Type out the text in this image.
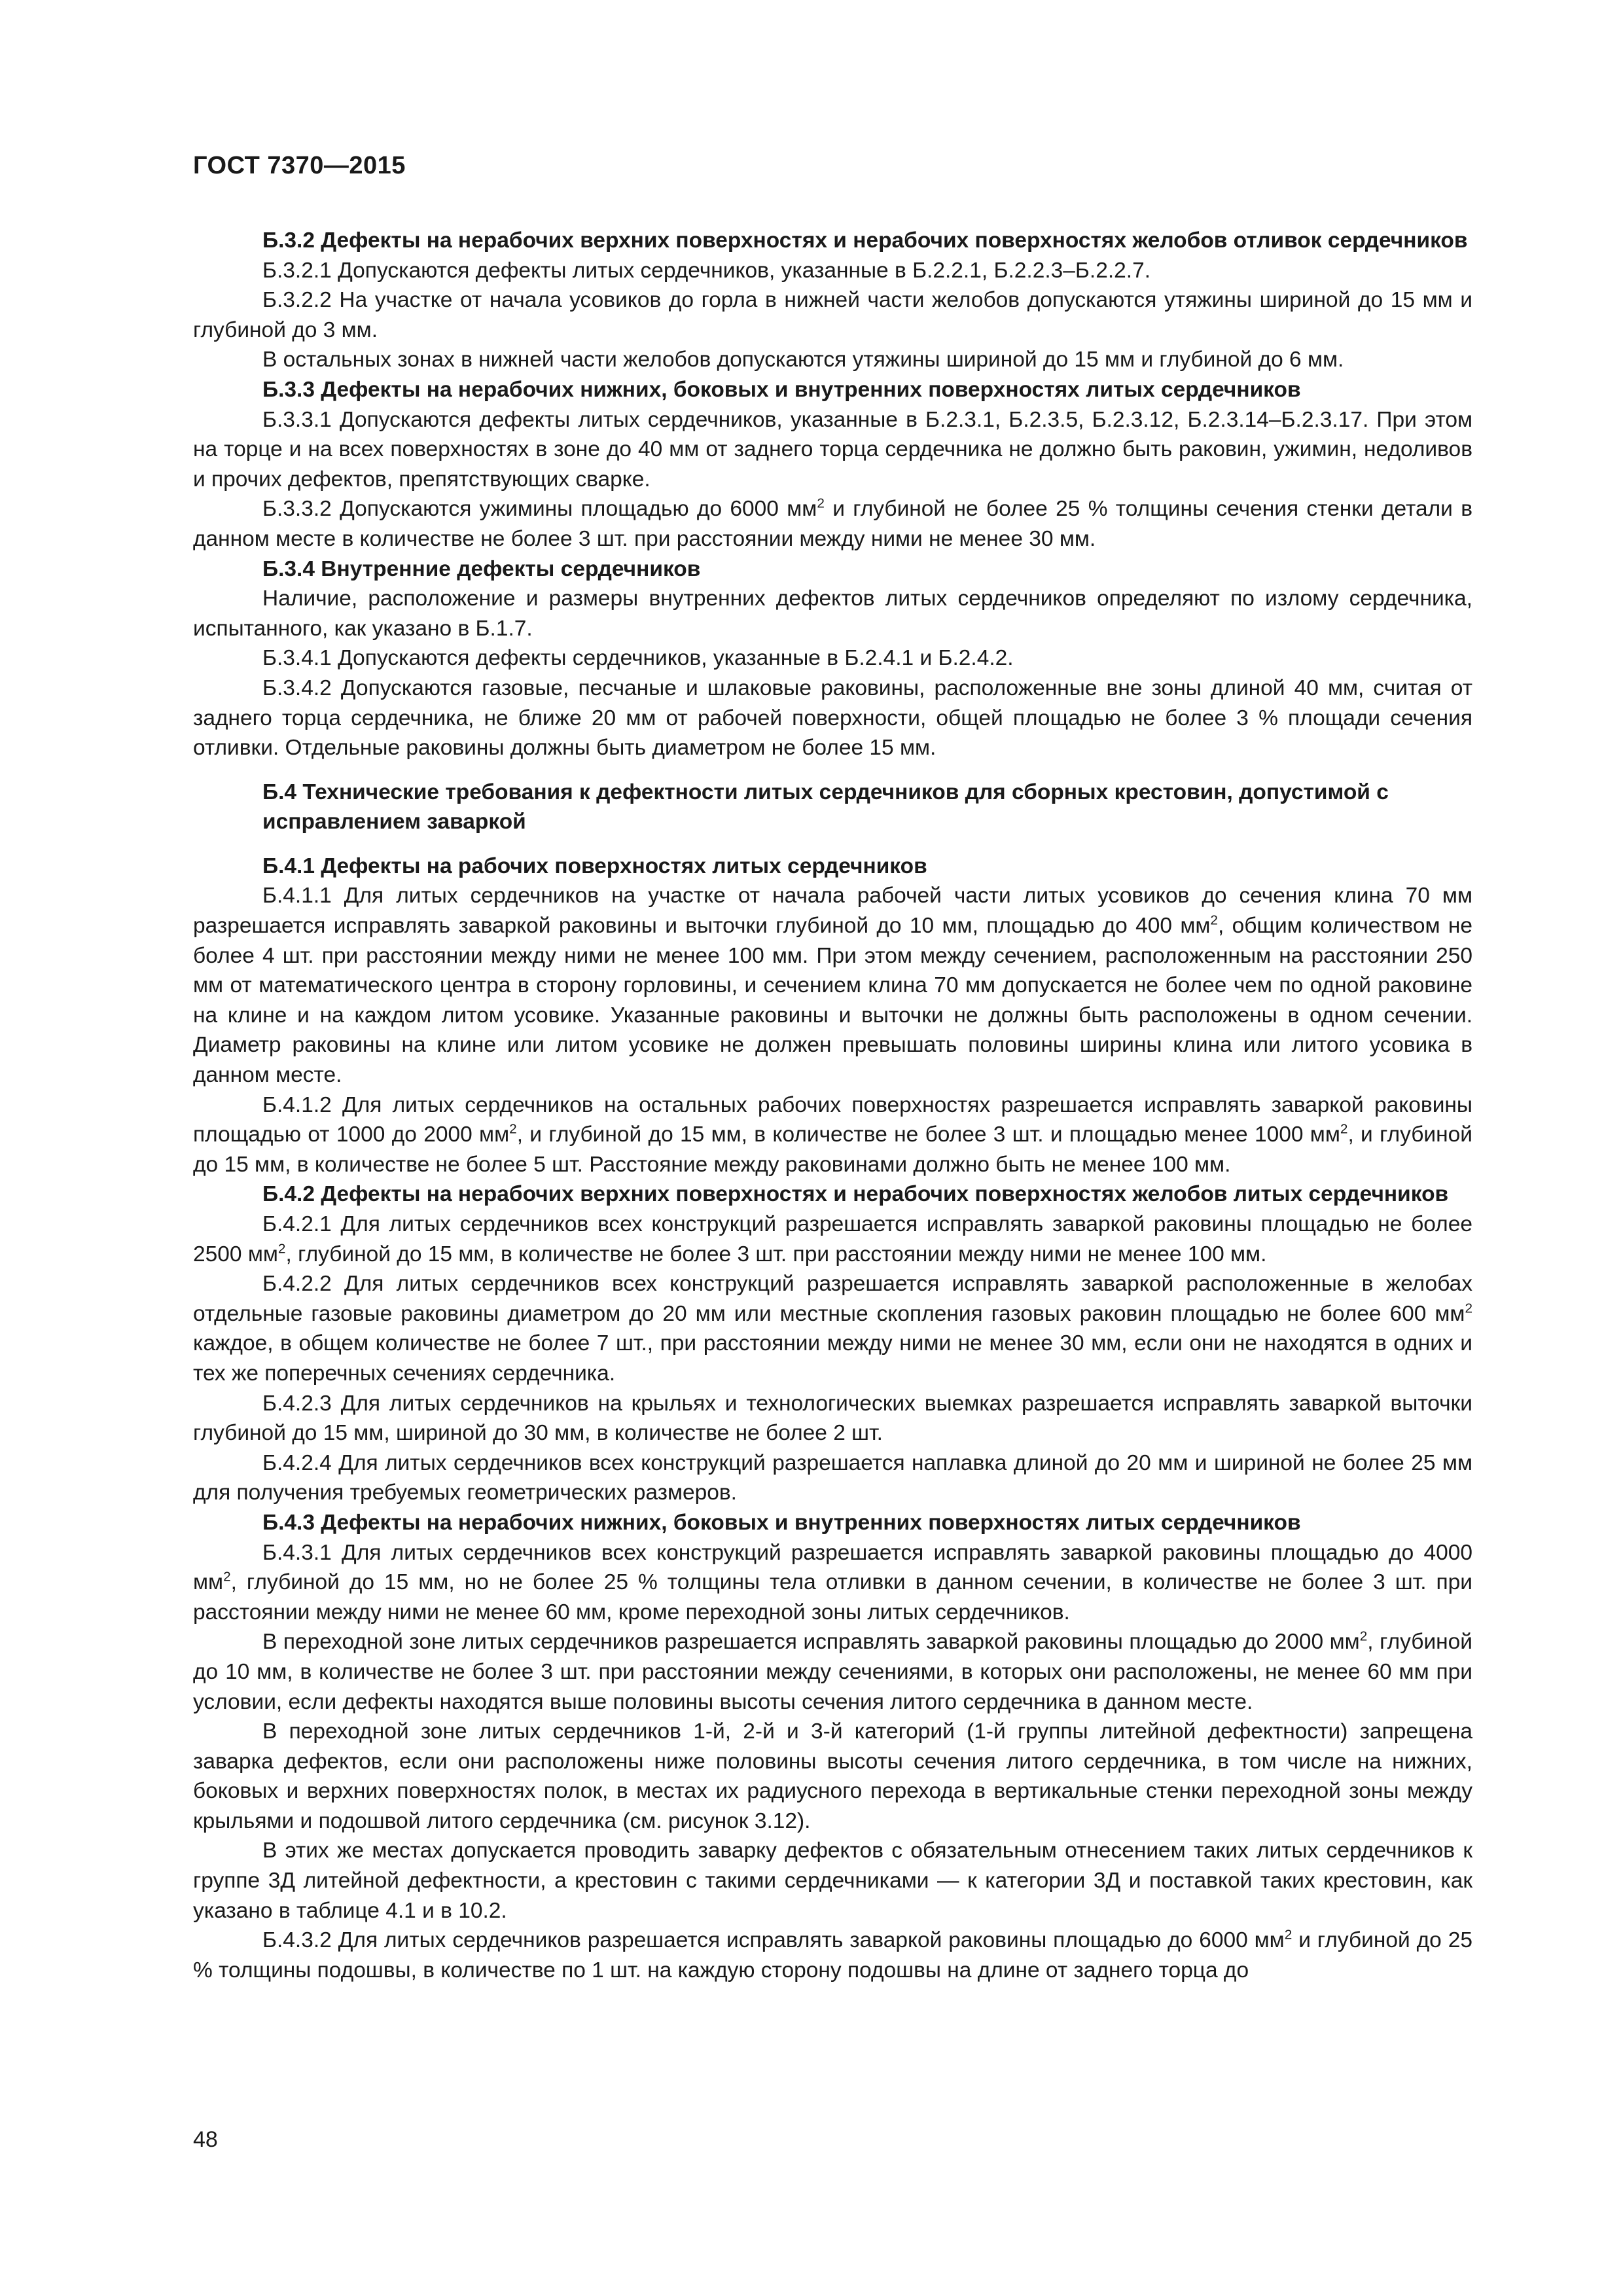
ГОСТ 7370—2015

Б.3.2 Дефекты на нерабочих верхних поверхностях и нерабочих поверхностях желобов отливок сердечников

Б.3.2.1 Допускаются дефекты литых сердечников, указанные в Б.2.2.1, Б.2.2.3–Б.2.2.7.

Б.3.2.2 На участке от начала усовиков до горла в нижней части желобов допускаются утяжины шириной до 15 мм и глубиной до 3 мм.

В остальных зонах в нижней части желобов допускаются утяжины шириной до 15 мм и глубиной до 6 мм.

Б.3.3 Дефекты на нерабочих нижних, боковых и внутренних поверхностях литых сердечников

Б.3.3.1 Допускаются дефекты литых сердечников, указанные в Б.2.3.1, Б.2.3.5, Б.2.3.12, Б.2.3.14–Б.2.3.17. При этом на торце и на всех поверхностях в зоне до 40 мм от заднего торца сердечника не должно быть раковин, ужимин, недоливов и прочих дефектов, препятствующих сварке.

Б.3.3.2 Допускаются ужимины площадью до 6000 $мм^2$ и глубиной не более 25 % толщины сечения стенки детали в данном месте в количестве не более 3 шт. при расстоянии между ними не менее 30 мм.

Б.3.4 Внутренние дефекты сердечников

Наличие, расположение и размеры внутренних дефектов литых сердечников определяют по излому сердечника, испытанного, как указано в Б.1.7.

Б.3.4.1 Допускаются дефекты сердечников, указанные в Б.2.4.1 и Б.2.4.2.

Б.3.4.2 Допускаются газовые, песчаные и шлаковые раковины, расположенные вне зоны длиной 40 мм, считая от заднего торца сердечника, не ближе 20 мм от рабочей поверхности, общей площадью не более 3 % площади сечения отливки. Отдельные раковины должны быть диаметром не более 15 мм.

Б.4 Технические требования к дефектности литых сердечников для сборных крестовин, допустимой с исправлением заваркой

Б.4.1 Дефекты на рабочих поверхностях литых сердечников

Б.4.1.1 Для литых сердечников на участке от начала рабочей части литых усовиков до сечения клина 70 мм разрешается исправлять заваркой раковины и выточки глубиной до 10 мм, площадью до 400 $мм^2$, общим количеством не более 4 шт. при расстоянии между ними не менее 100 мм. При этом между сечением, расположенным на расстоянии 250 мм от математического центра в сторону горловины, и сечением клина 70 мм допускается не более чем по одной раковине на клине и на каждом литом усовике. Указанные раковины и выточки не должны быть расположены в одном сечении. Диаметр раковины на клине или литом усовике не должен превышать половины ширины клина или литого усовика в данном месте.

Б.4.1.2 Для литых сердечников на остальных рабочих поверхностях разрешается исправлять заваркой раковины площадью от 1000 до 2000 $мм^2$, и глубиной до 15 мм, в количестве не более 3 шт. и площадью менее 1000 $мм^2$, и глубиной до 15 мм, в количестве не более 5 шт. Расстояние между раковинами должно быть не менее 100 мм.

Б.4.2 Дефекты на нерабочих верхних поверхностях и нерабочих поверхностях желобов литых сердечников

Б.4.2.1 Для литых сердечников всех конструкций разрешается исправлять заваркой раковины площадью не более 2500 $мм^2$, глубиной до 15 мм, в количестве не более 3 шт. при расстоянии между ними не менее 100 мм.

Б.4.2.2 Для литых сердечников всех конструкций разрешается исправлять заваркой расположенные в желобах отдельные газовые раковины диаметром до 20 мм или местные скопления газовых раковин площадью не более 600 $мм^2$ каждое, в общем количестве не более 7 шт., при расстоянии между ними не менее 30 мм, если они не находятся в одних и тех же поперечных сечениях сердечника.

Б.4.2.3 Для литых сердечников на крыльях и технологических выемках разрешается исправлять заваркой выточки глубиной до 15 мм, шириной до 30 мм, в количестве не более 2 шт.

Б.4.2.4 Для литых сердечников всех конструкций разрешается наплавка длиной до 20 мм и шириной не более 25 мм для получения требуемых геометрических размеров.

Б.4.3 Дефекты на нерабочих нижних, боковых и внутренних поверхностях литых сердечников

Б.4.3.1 Для литых сердечников всех конструкций разрешается исправлять заваркой раковины площадью до 4000 $мм^2$, глубиной до 15 мм, но не более 25 % толщины тела отливки в данном сечении, в количестве не более 3 шт. при расстоянии между ними не менее 60 мм, кроме переходной зоны литых сердечников.

В переходной зоне литых сердечников разрешается исправлять заваркой раковины площадью до 2000 $мм^2$, глубиной до 10 мм, в количестве не более 3 шт. при расстоянии между сечениями, в которых они расположены, не менее 60 мм при условии, если дефекты находятся выше половины высоты сечения литого сердечника в данном месте.

В переходной зоне литых сердечников 1-й, 2-й и 3-й категорий (1-й группы литейной дефектности) запрещена заварка дефектов, если они расположены ниже половины высоты сечения литого сердечника, в том числе на нижних, боковых и верхних поверхностях полок, в местах их радиусного перехода в вертикальные стенки переходной зоны между крыльями и подошвой литого сердечника (см. рисунок 3.12).

В этих же местах допускается проводить заварку дефектов с обязательным отнесением таких литых сердечников к группе 3Д литейной дефектности, а крестовин с такими сердечниками — к категории 3Д и поставкой таких крестовин, как указано в таблице 4.1 и в 10.2.

Б.4.3.2 Для литых сердечников разрешается исправлять заваркой раковины площадью до 6000 $мм^2$ и глубиной до 25 % толщины подошвы, в количестве по 1 шт. на каждую сторону подошвы на длине от заднего торца до

48
